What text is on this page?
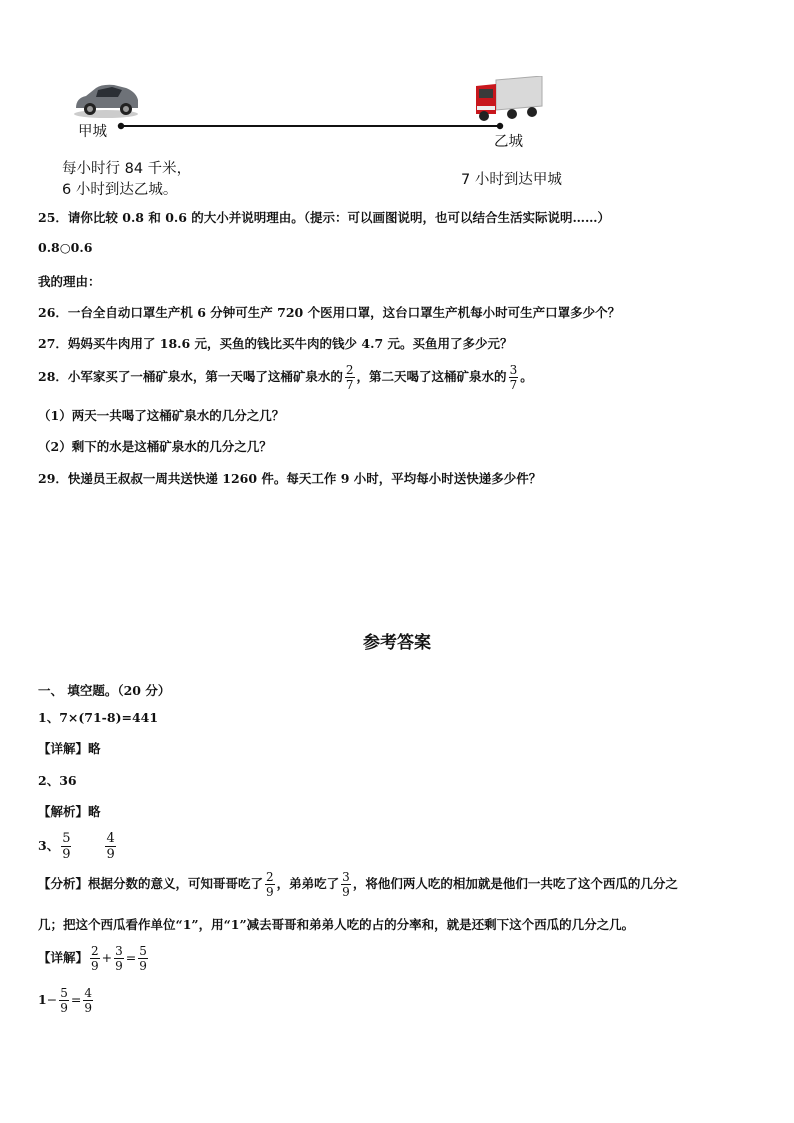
甲城
乙城
每小时行 84 千米，
6 小时到达乙城。
7 小时到达甲城
25．请你比较 0.8 和 0.6 的大小并说明理由。（提示：可以画图说明，也可以结合生活实际说明……）
0.8○0.6
我的理由：
26．一台全自动口罩生产机 6 分钟可生产 720 个医用口罩，这台口罩生产机每小时可生产口罩多少个？
27．妈妈买牛肉用了 18.6 元，买鱼的钱比买牛肉的钱少 4.7 元。买鱼用了多少元？
28．小军家买了一桶矿泉水，第一天喝了这桶矿泉水的 $\frac{2}{7}$ ，第二天喝了这桶矿泉水的 $\frac{3}{7}$ 。
（1）两天一共喝了这桶矿泉水的几分之几？
（2）剩下的水是这桶矿泉水的几分之几？
29．快递员王叔叔一周共送快递 1260 件。每天工作 9 小时，平均每小时送快递多少件？
参考答案
一、 填空题。（20 分）
1、7×(71-8)=441
【详解】略
2、36
【解析】略
3、 $\frac{5}{9}$	$\frac{4}{9}$
【分析】根据分数的意义，可知哥哥吃了 $\frac{2}{9}$ ，弟弟吃了 $\frac{3}{9}$ ，将他们两人吃的相加就是他们一共吃了这个西瓜的几分之
几；把这个西瓜看作单位“1”，用“1”减去哥哥和弟弟人吃的占的分率和，就是还剩下这个西瓜的几分之几。
【详解】 $\frac{2}{9} + \frac{3}{9} = \frac{5}{9}$
$1- \frac{5}{9} = \frac{4}{9}$
